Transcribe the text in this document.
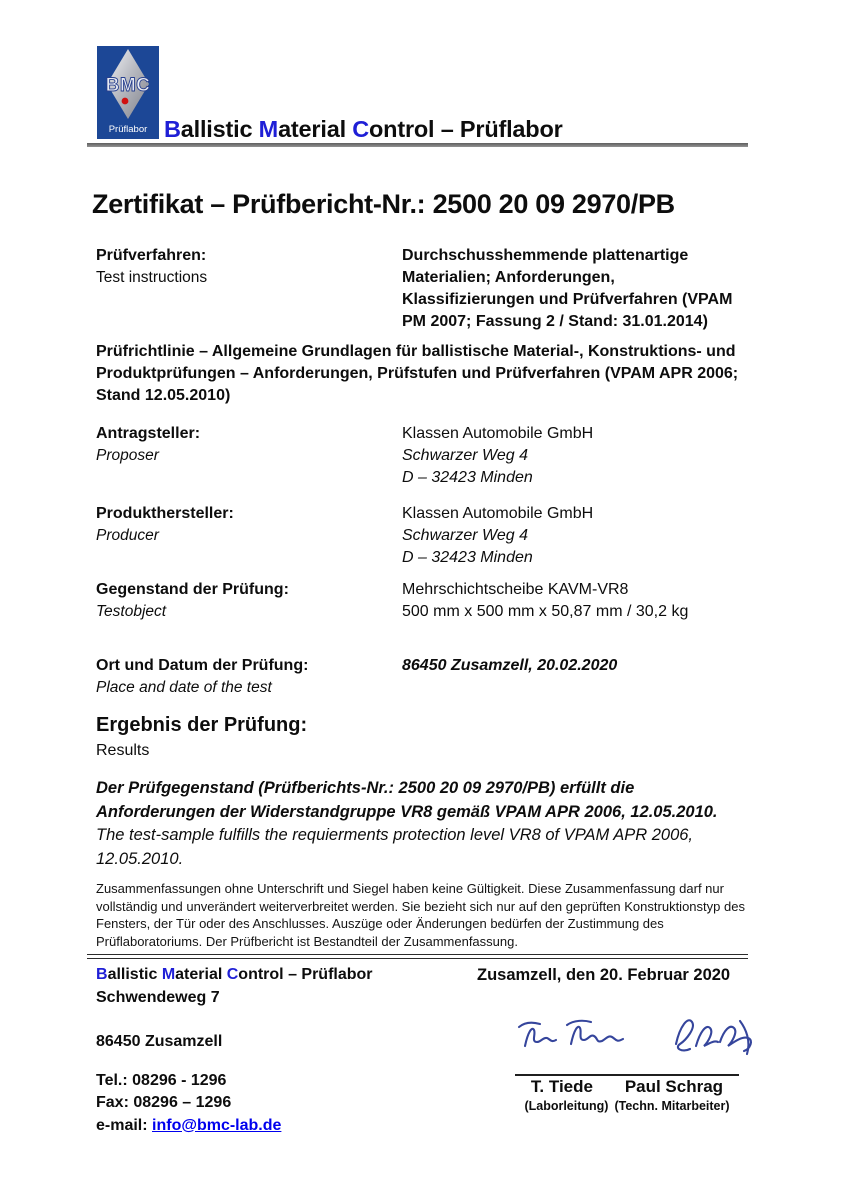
BMC
Prüflabor Ballistic Material Control – Prüflabor
Zertifikat – Prüfbericht-Nr.: 2500 20 09 2970/PB
Prüfverfahren:
Test instructions
Durchschusshemmende plattenartige Materialien; Anforderungen, Klassifizierungen und Prüfverfahren (VPAM PM 2007; Fassung 2 / Stand: 31.01.2014)
Prüfrichtlinie – Allgemeine Grundlagen für ballistische Material-, Konstruktions- und Produktprüfungen – Anforderungen, Prüfstufen und Prüfverfahren (VPAM APR 2006; Stand 12.05.2010)
Antragsteller:
Proposer
Klassen Automobile GmbH
Schwarzer Weg 4
D – 32423 Minden
Produkthersteller:
Producer
Klassen Automobile GmbH
Schwarzer Weg 4
D – 32423 Minden
Gegenstand der Prüfung:
Testobject
Mehrschichtscheibe KAVM-VR8
500 mm x 500 mm x 50,87 mm / 30,2 kg
Ort und Datum der Prüfung:
Place and date of the test
86450 Zusamzell, 20.02.2020
Ergebnis der Prüfung:
Results
Der Prüfgegenstand (Prüfberichts-Nr.: 2500 20 09 2970/PB) erfüllt die Anforderungen der Widerstandgruppe VR8 gemäß VPAM APR 2006, 12.05.2010.
The test-sample fulfills the requierments protection level VR8 of VPAM APR 2006, 12.05.2010.
Zusammenfassungen ohne Unterschrift und Siegel haben keine Gültigkeit. Diese Zusammenfassung darf nur vollständig und unverändert weiterverbreitet werden. Sie bezieht sich nur auf den geprüften Konstruktionstyp des Fensters, der Tür oder des Anschlusses. Auszüge oder Änderungen bedürfen der Zustimmung des Prüflaboratoriums. Der Prüfbericht ist Bestandteil der Zusammenfassung.
Ballistic Material Control – Prüflabor
Schwendeweg 7
86450 Zusamzell
Tel.: 08296 - 1296
Fax: 08296 – 1296
e-mail: info@bmc-lab.de
Zusamzell, den 20. Februar 2020
T. Tiede Paul Schrag
(Laborleitung) (Techn. Mitarbeiter)
